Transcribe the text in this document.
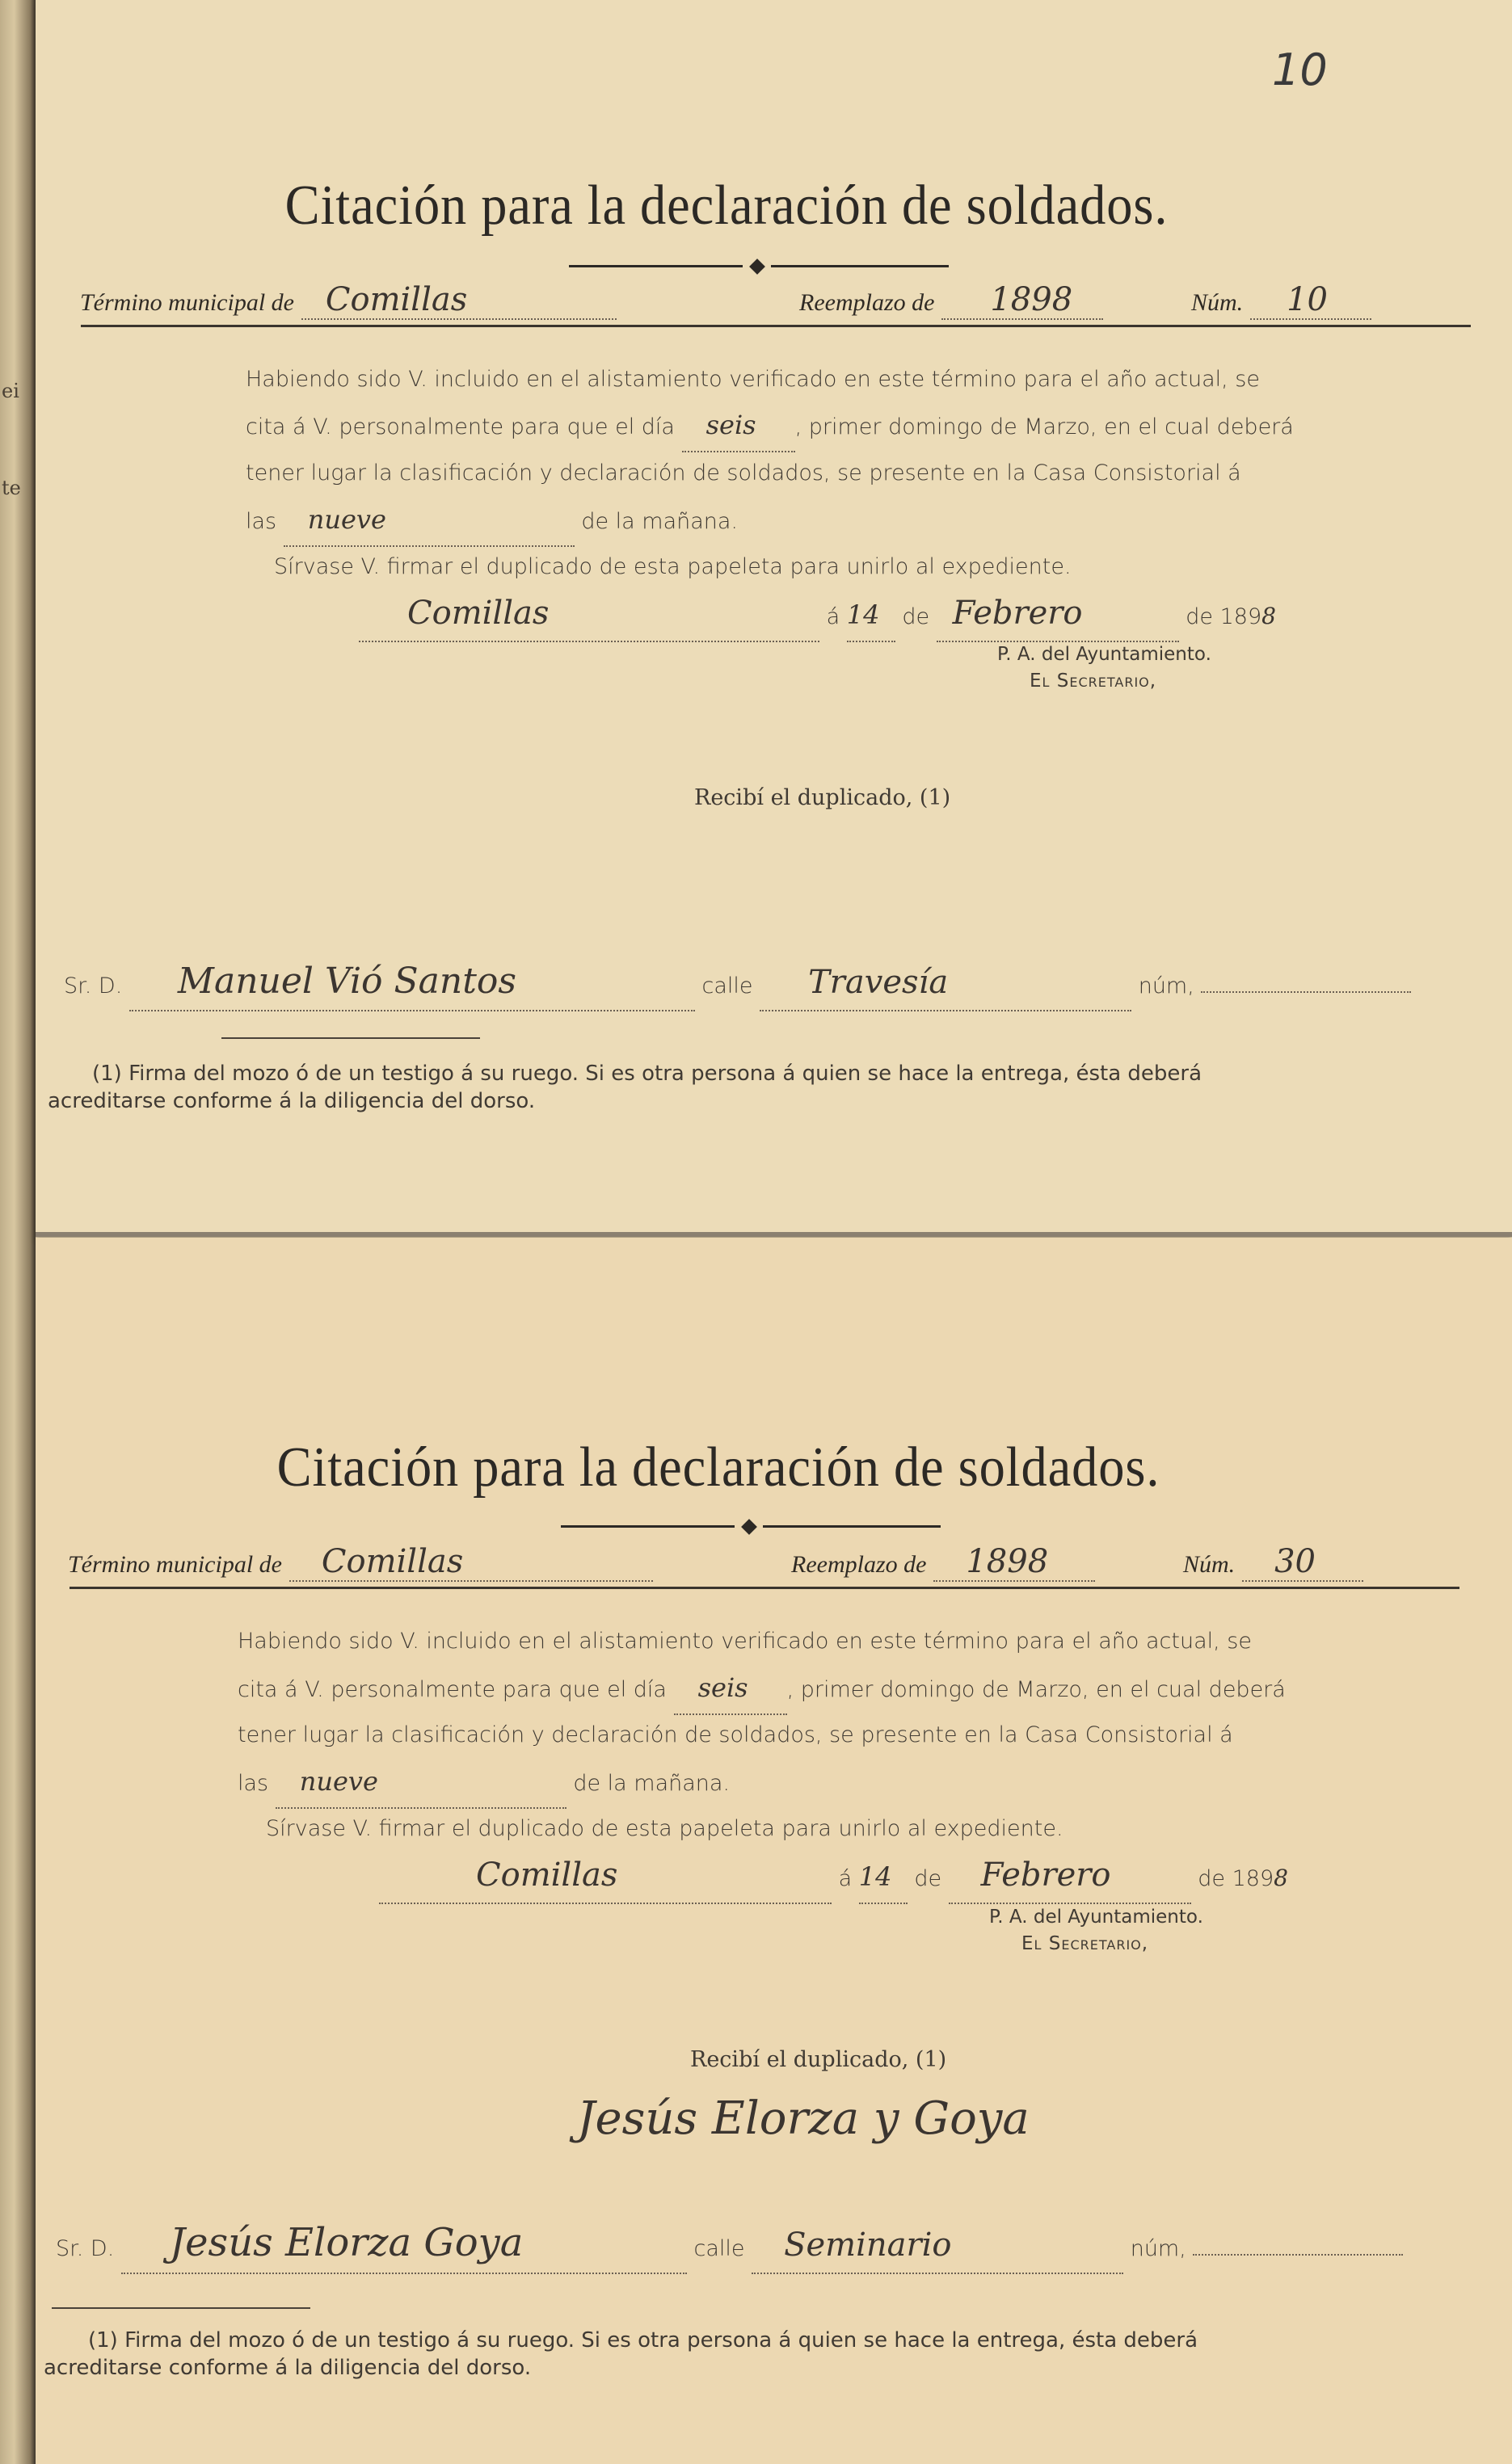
ei
te
10
Citación para la declaración de soldados.
Término municipal de Comillas	Reemplazo de 1898	Núm. 10
Habiendo sido V. incluido en el alistamiento verificado en este término para el año actual, se
cita á V. personalmente para que el día seis , primer domingo de Marzo, en el cual deberá
tener lugar la clasificación y declaración de soldados, se presente en la Casa Consistorial á
las nueve	de la mañana.
Sírvase V. firmar el duplicado de esta papeleta para unirlo al expediente.
Comillas	á 14 de Febrero	de 1898
P. A. del Ayuntamiento.
El Secretario,
Recibí el duplicado, (1)
Sr. D. Manuel Vió Santos	calle Travesía	núm,
(1) Firma del mozo ó de un testigo á su ruego. Si es otra persona á quien se hace la entrega, ésta deberá
acreditarse conforme á la diligencia del dorso.
Citación para la declaración de soldados.
Término municipal de Comillas	Reemplazo de 1898	Núm. 30
Habiendo sido V. incluido en el alistamiento verificado en este término para el año actual, se
cita á V. personalmente para que el día seis , primer domingo de Marzo, en el cual deberá
tener lugar la clasificación y declaración de soldados, se presente en la Casa Consistorial á
las nueve	de la mañana.
Sírvase V. firmar el duplicado de esta papeleta para unirlo al expediente.
Comillas	á 14 de Febrero	de 1898
P. A. del Ayuntamiento.
El Secretario,
Recibí el duplicado, (1)
Jesús Elorza y Goya
Sr. D. Jesús Elorza Goya	calle Seminario	núm,
(1) Firma del mozo ó de un testigo á su ruego. Si es otra persona á quien se hace la entrega, ésta deberá
acreditarse conforme á la diligencia del dorso.
